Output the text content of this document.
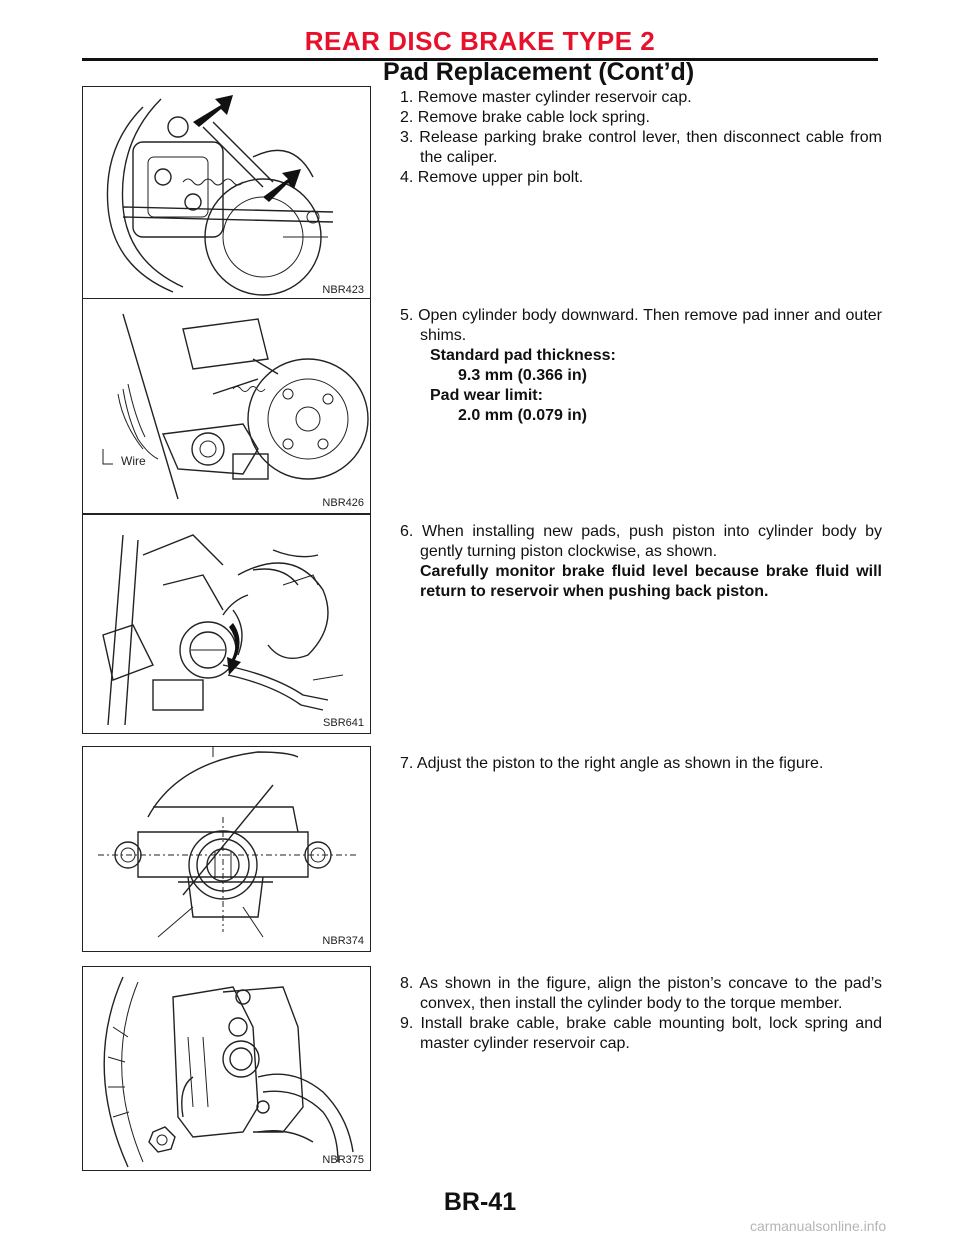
REAR DISC BRAKE TYPE 2
Pad Replacement (Cont’d)
NBR423
Wire
NBR426
SBR641
NBR374
NBR375

1. Remove master cylinder reservoir cap.

2. Remove brake cable lock spring.

3. Release parking brake control lever, then disconnect cable from the caliper.

4. Remove upper pin bolt.

5. Open cylinder body downward. Then remove pad inner and outer shims.

Standard pad thickness:

9.3 mm (0.366 in)

Pad wear limit:

2.0 mm (0.079 in)

6. When installing new pads, push piston into cylinder body by gently turning piston clockwise, as shown.

Carefully monitor brake fluid level because brake fluid will return to reservoir when pushing back piston.

7. Adjust the piston to the right angle as shown in the figure.

8. As shown in the figure, align the piston’s concave to the pad’s convex, then install the cylinder body to the torque member.

9. Install brake cable, brake cable mounting bolt, lock spring and master cylinder reservoir cap.

BR-41
carmanualsonline.info
